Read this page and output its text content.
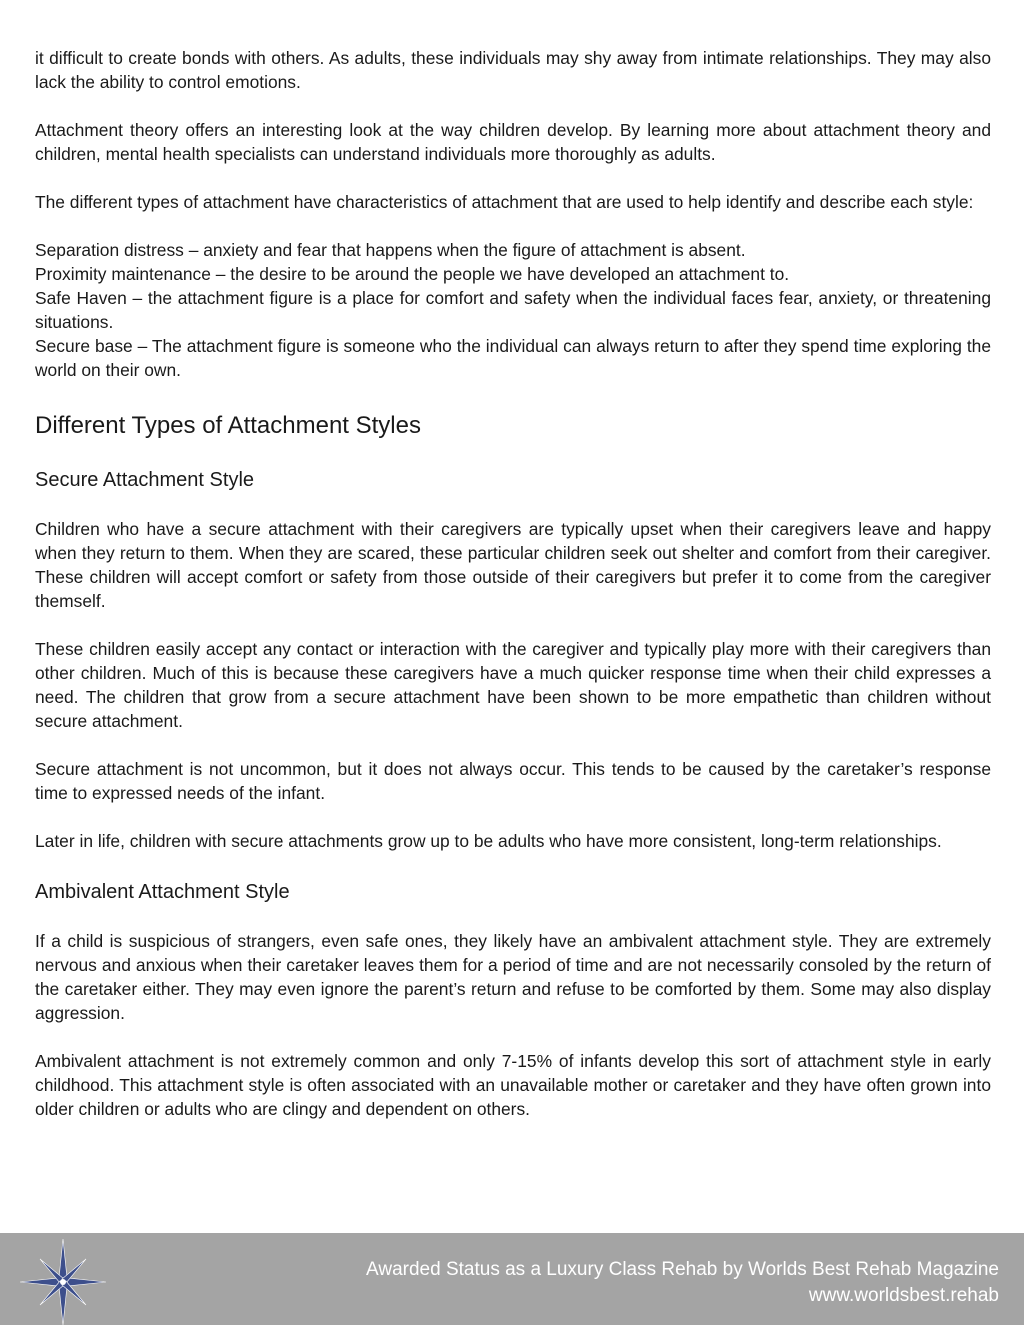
it difficult to create bonds with others. As adults, these individuals may shy away from intimate relationships. They may also lack the ability to control emotions.

Attachment theory offers an interesting look at the way children develop. By learning more about attachment theory and children, mental health specialists can understand individuals more thoroughly as adults.

The different types of attachment have characteristics of attachment that are used to help identify and describe each style:

Separation distress – anxiety and fear that happens when the figure of attachment is absent.

Proximity maintenance – the desire to be around the people we have developed an attachment to.

Safe Haven – the attachment figure is a place for comfort and safety when the individual faces fear, anxiety, or threatening situations.

Secure base – The attachment figure is someone who the individual can always return to after they spend time exploring the world on their own.

Different Types of Attachment Styles
Secure Attachment Style

Children who have a secure attachment with their caregivers are typically upset when their caregivers leave and happy when they return to them. When they are scared, these particular children seek out shelter and comfort from their caregiver. These children will accept comfort or safety from those outside of their caregivers but prefer it to come from the caregiver themself.

These children easily accept any contact or interaction with the caregiver and typically play more with their caregivers than other children. Much of this is because these caregivers have a much quicker response time when their child expresses a need. The children that grow from a secure attachment have been shown to be more empathetic than children without secure attachment.

Secure attachment is not uncommon, but it does not always occur. This tends to be caused by the caretaker’s response time to expressed needs of the infant.

Later in life, children with secure attachments grow up to be adults who have more consistent, long-term relationships.

Ambivalent Attachment Style

If a child is suspicious of strangers, even safe ones, they likely have an ambivalent attachment style. They are extremely nervous and anxious when their caretaker leaves them for a period of time and are not necessarily consoled by the return of the caretaker either. They may even ignore the parent’s return and refuse to be comforted by them. Some may also display aggression.

Ambivalent attachment is not extremely common and only 7-15% of infants develop this sort of attachment style in early childhood. This attachment style is often associated with an unavailable mother or caretaker and they have often grown into older children or adults who are clingy and dependent on others.

Awarded Status as a Luxury Class Rehab by Worlds Best Rehab Magazine
www.worldsbest.rehab
